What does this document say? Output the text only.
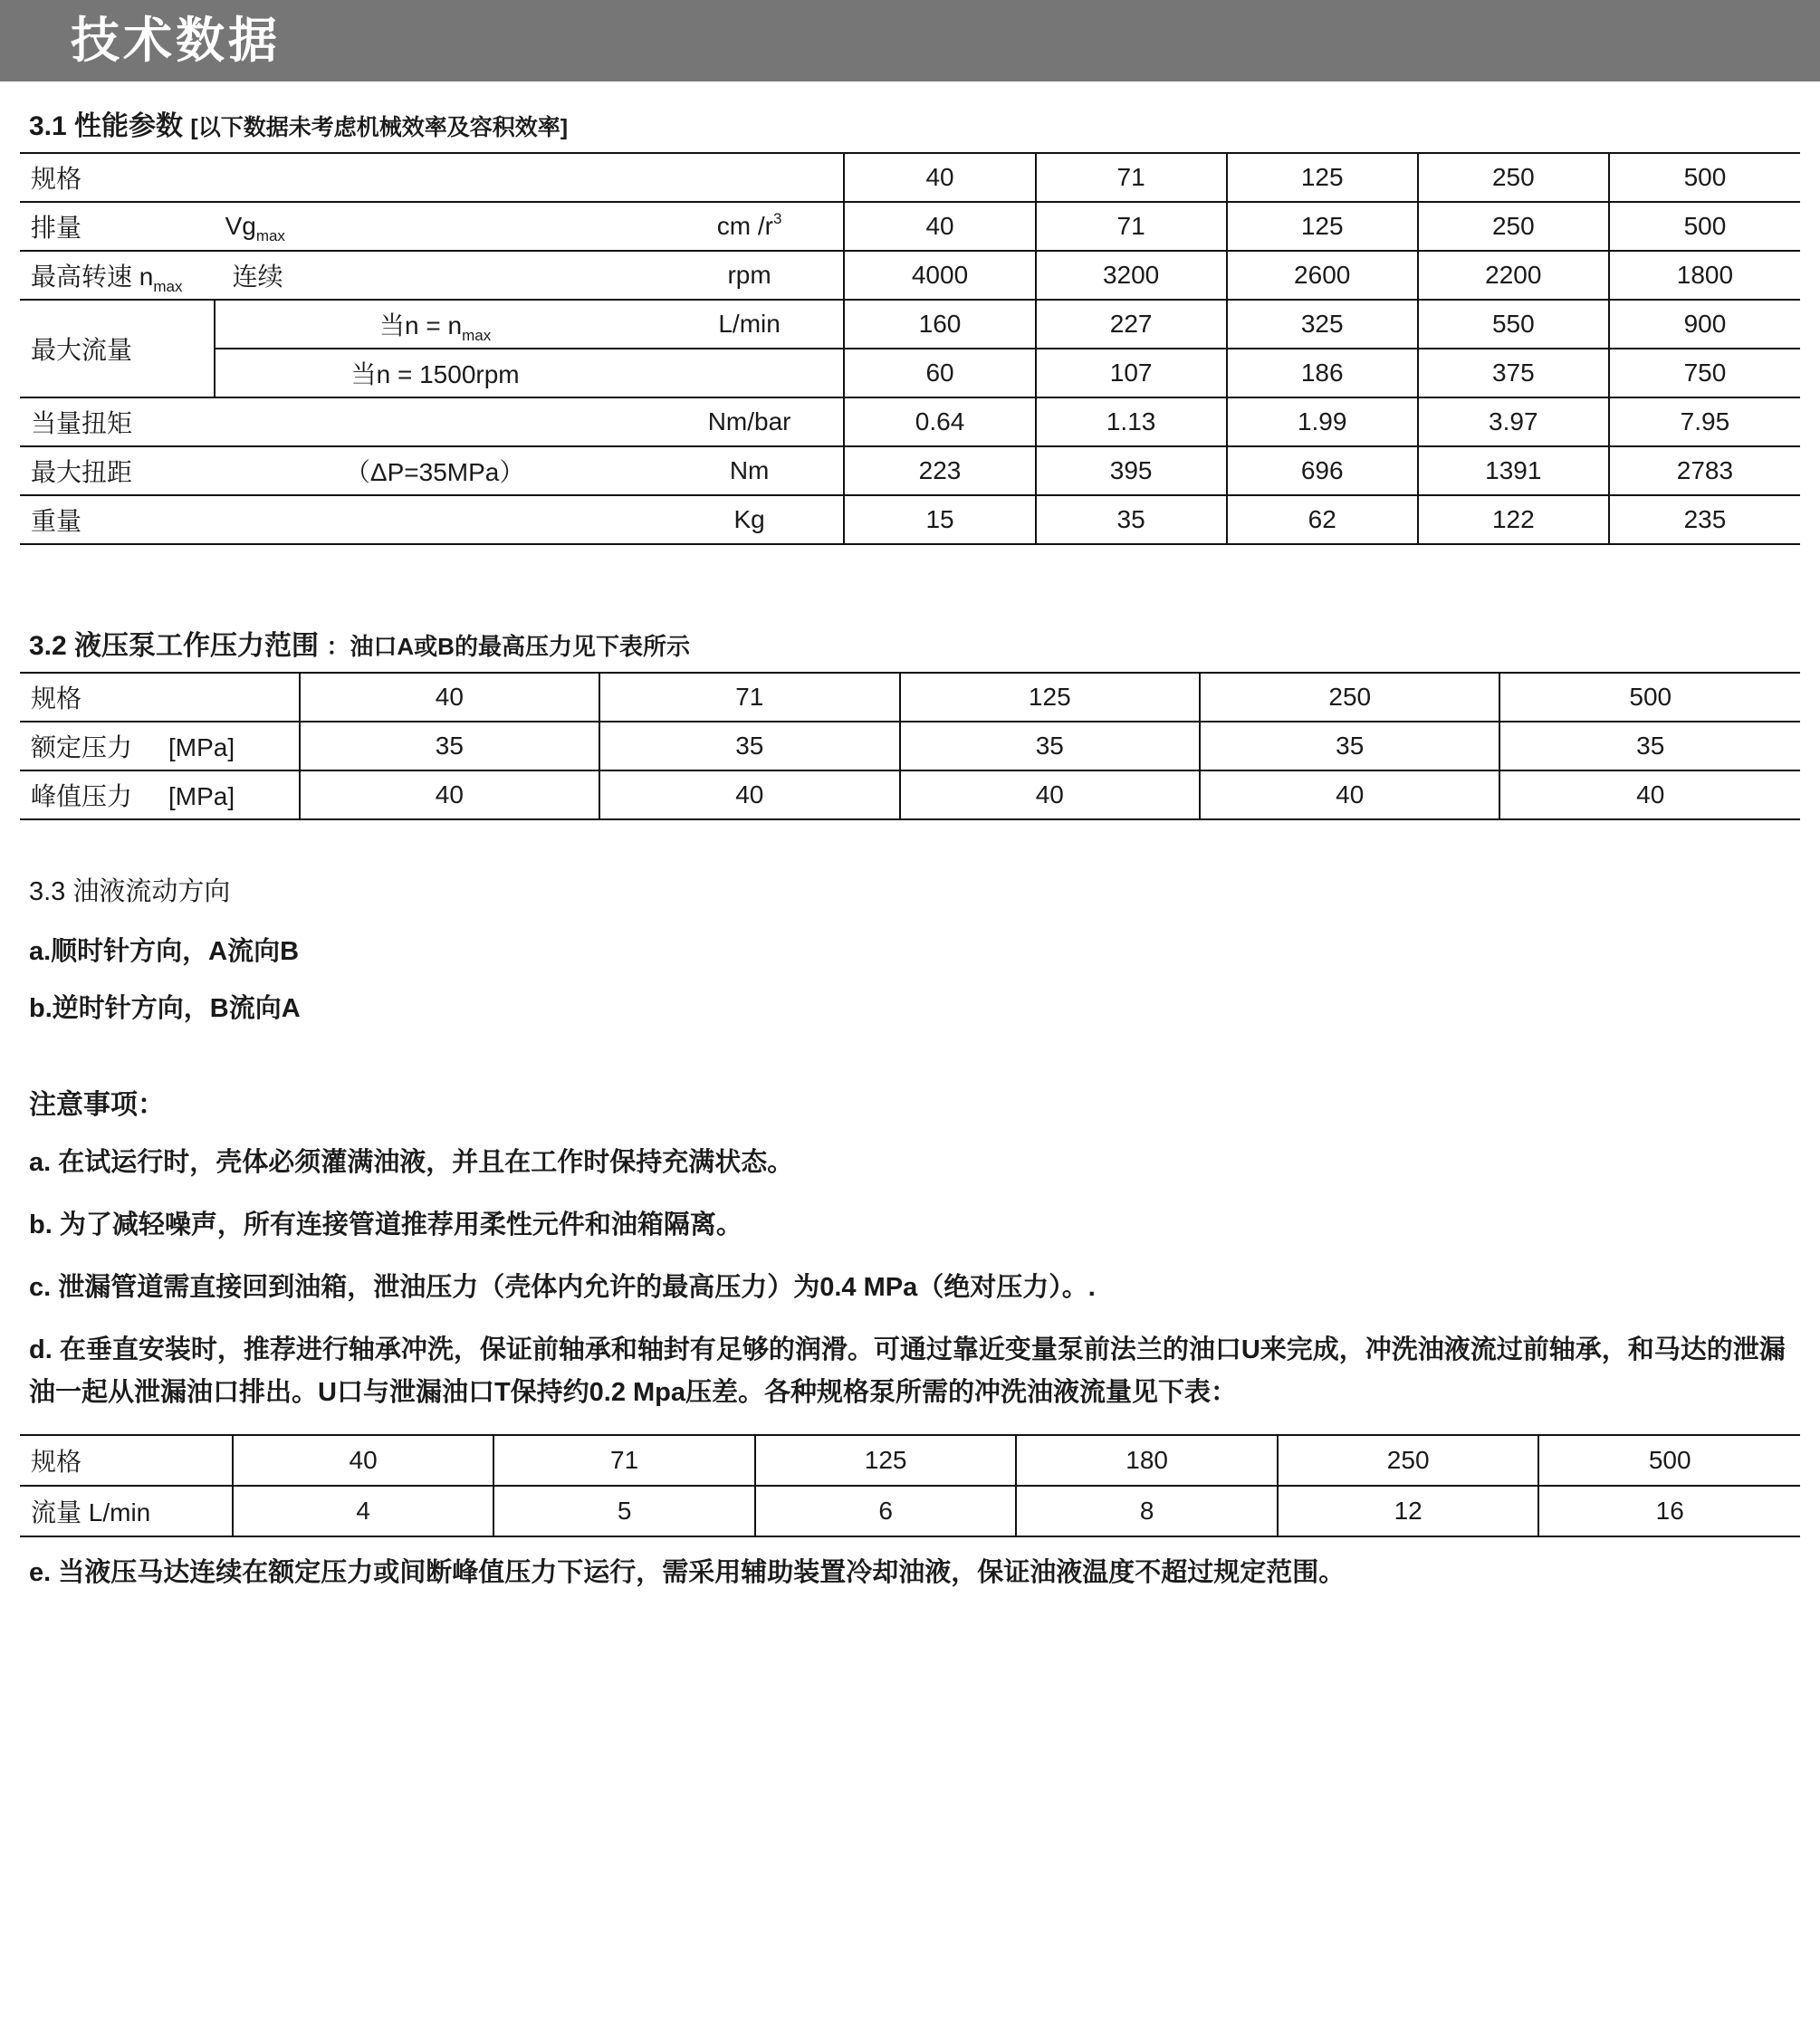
技术数据
3.1 性能参数 [以下数据未考虑机械效率及容积效率]
规格				40	71	125	250	500
排量	$Vg_{max}$		cm $/r^3$	40	71	125	250	500
最高转速 $n_{max}$	连续		rpm	4000	3200	2600	2200	1800
最大流量	当$n = n_{max}$		L/min	160	227	325	550	900
	当n = 1500rpm			60	107	186	375	750
当量扭矩			Nm/bar	0.64	1.13	1.99	3.97	7.95
最大扭距	（ΔP=35MPa）		Nm	223	395	696	1391	2783
重量			Kg	15	35	62	122	235
3.2 液压泵工作压力范围 ：油口A或B的最高压力见下表所示
规格	40	71	125	250	500
额定压力 [MPa]	35	35	35	35	35
峰值压力 [MPa]	40	40	40	40	40
3.3 油液流动方向
a.顺时针方向，A流向B
b.逆时针方向，B流向A
注意事项：
a. 在试运行时，壳体必须灌满油液，并且在工作时保持充满状态。
b. 为了减轻噪声，所有连接管道推荐用柔性元件和油箱隔离。
c. 泄漏管道需直接回到油箱，泄油压力（壳体内允许的最高压力）为0.4 MPa（绝对压力）。.
d. 在垂直安装时，推荐进行轴承冲洗，保证前轴承和轴封有足够的润滑。可通过靠近变量泵前法兰的油口U来完成，冲洗油液流过前轴承，和马达的泄漏油一起从泄漏油口排出。U口与泄漏油口T保持约0.2 Mpa压差。各种规格泵所需的冲洗油液流量见下表：
规格	40	71	125	180	250	500
流量 L/min	4	5	6	8	12	16
e. 当液压马达连续在额定压力或间断峰值压力下运行，需采用辅助装置冷却油液，保证油液温度不超过规定范围。
